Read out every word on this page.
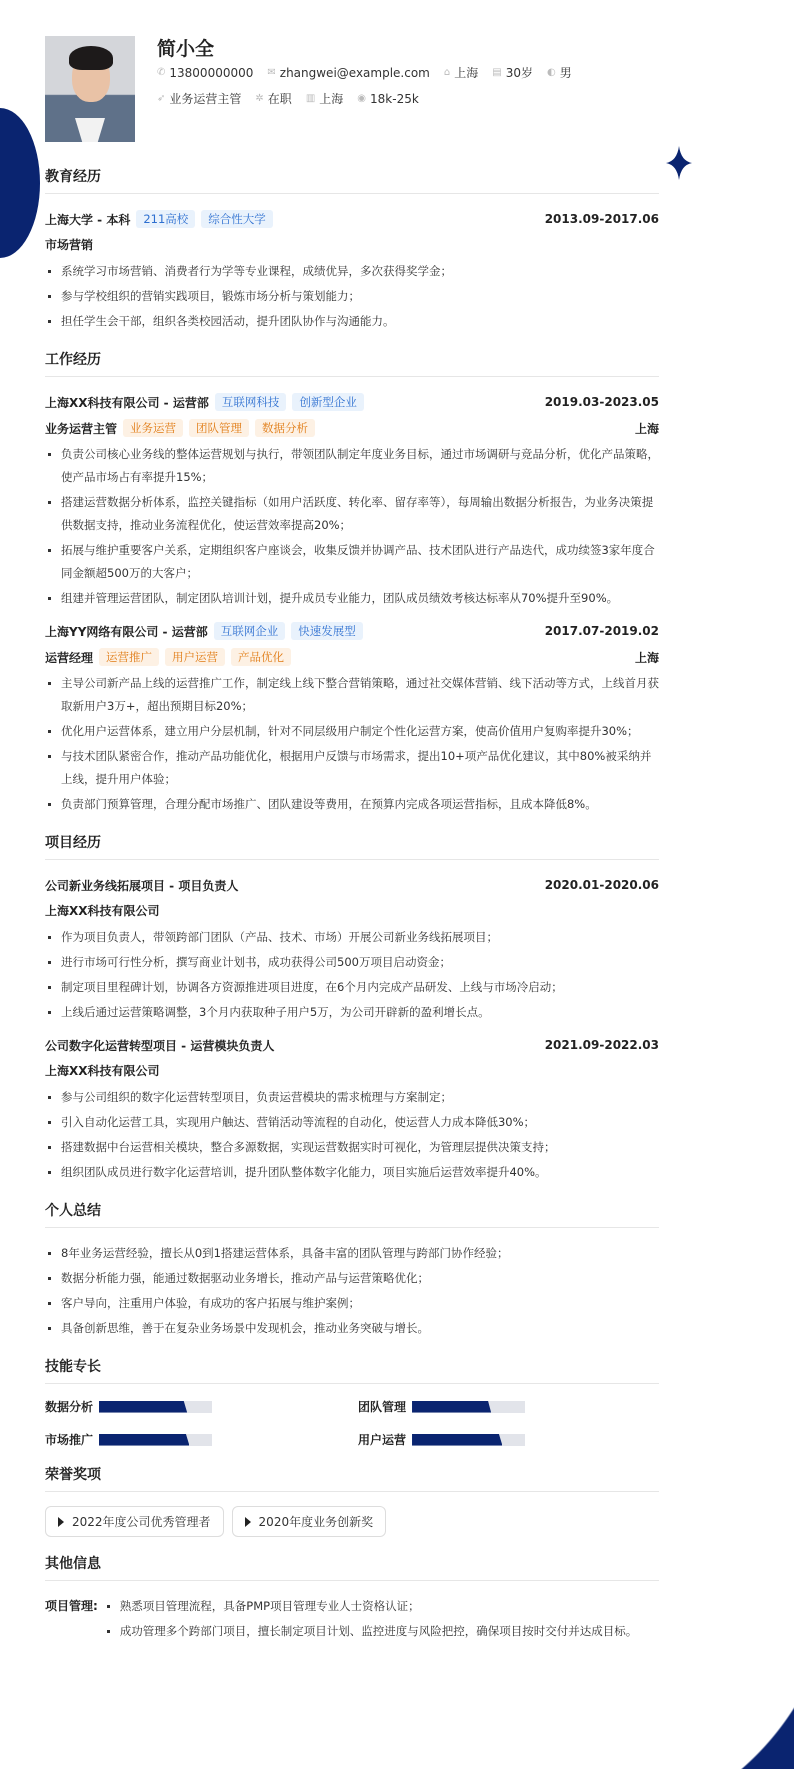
简小全
✆ 13800000000 ✉ zhangwei@example.com ⌂ 上海 ▤ 30岁 ◐ 男
➶ 业务运营主管 ✲ 在职 ▥ 上海 ◉ 18k-25k
教育经历
上海大学 - 本科	211高校	综合性大学	2013.09-2017.06
市场营销
系统学习市场营销、消费者行为学等专业课程，成绩优异，多次获得奖学金；
参与学校组织的营销实践项目，锻炼市场分析与策划能力；
担任学生会干部，组织各类校园活动，提升团队协作与沟通能力。
工作经历
上海XX科技有限公司 - 运营部	互联网科技	创新型企业	2019.03-2023.05
业务运营主管	业务运营	团队管理	数据分析	上海
负责公司核心业务线的整体运营规划与执行，带领团队制定年度业务目标，通过市场调研与竞品分析，优化产品策略，使产品市场占有率提升15%；
搭建运营数据分析体系，监控关键指标（如用户活跃度、转化率、留存率等），每周输出数据分析报告，为业务决策提供数据支持，推动业务流程优化，使运营效率提高20%；
拓展与维护重要客户关系，定期组织客户座谈会，收集反馈并协调产品、技术团队进行产品迭代，成功续签3家年度合同金额超500万的大客户；
组建并管理运营团队，制定团队培训计划，提升成员专业能力，团队成员绩效考核达标率从70%提升至90%。
上海YY网络有限公司 - 运营部	互联网企业	快速发展型	2017.07-2019.02
运营经理	运营推广	用户运营	产品优化	上海
主导公司新产品上线的运营推广工作，制定线上线下整合营销策略，通过社交媒体营销、线下活动等方式，上线首月获取新用户3万+，超出预期目标20%；
优化用户运营体系，建立用户分层机制，针对不同层级用户制定个性化运营方案，使高价值用户复购率提升30%；
与技术团队紧密合作，推动产品功能优化，根据用户反馈与市场需求，提出10+项产品优化建议，其中80%被采纳并上线，提升用户体验；
负责部门预算管理，合理分配市场推广、团队建设等费用，在预算内完成各项运营指标，且成本降低8%。
项目经历
公司新业务线拓展项目 - 项目负责人	2020.01-2020.06
上海XX科技有限公司
作为项目负责人，带领跨部门团队（产品、技术、市场）开展公司新业务线拓展项目；
进行市场可行性分析，撰写商业计划书，成功获得公司500万项目启动资金；
制定项目里程碑计划，协调各方资源推进项目进度，在6个月内完成产品研发、上线与市场冷启动；
上线后通过运营策略调整，3个月内获取种子用户5万，为公司开辟新的盈利增长点。
公司数字化运营转型项目 - 运营模块负责人	2021.09-2022.03
上海XX科技有限公司
参与公司组织的数字化运营转型项目，负责运营模块的需求梳理与方案制定；
引入自动化运营工具，实现用户触达、营销活动等流程的自动化，使运营人力成本降低30%；
搭建数据中台运营相关模块，整合多源数据，实现运营数据实时可视化，为管理层提供决策支持；
组织团队成员进行数字化运营培训，提升团队整体数字化能力，项目实施后运营效率提升40%。
个人总结
8年业务运营经验，擅长从0到1搭建运营体系，具备丰富的团队管理与跨部门协作经验；
数据分析能力强，能通过数据驱动业务增长，推动产品与运营策略优化；
客户导向，注重用户体验，有成功的客户拓展与维护案例；
具备创新思维，善于在复杂业务场景中发现机会，推动业务突破与增长。
技能专长
数据分析	团队管理
市场推广	用户运营
荣誉奖项
2022年度公司优秀管理者	2020年度业务创新奖
其他信息
项目管理:	熟悉项目管理流程，具备PMP项目管理专业人士资格认证；
成功管理多个跨部门项目，擅长制定项目计划、监控进度与风险把控，确保项目按时交付并达成目标。
